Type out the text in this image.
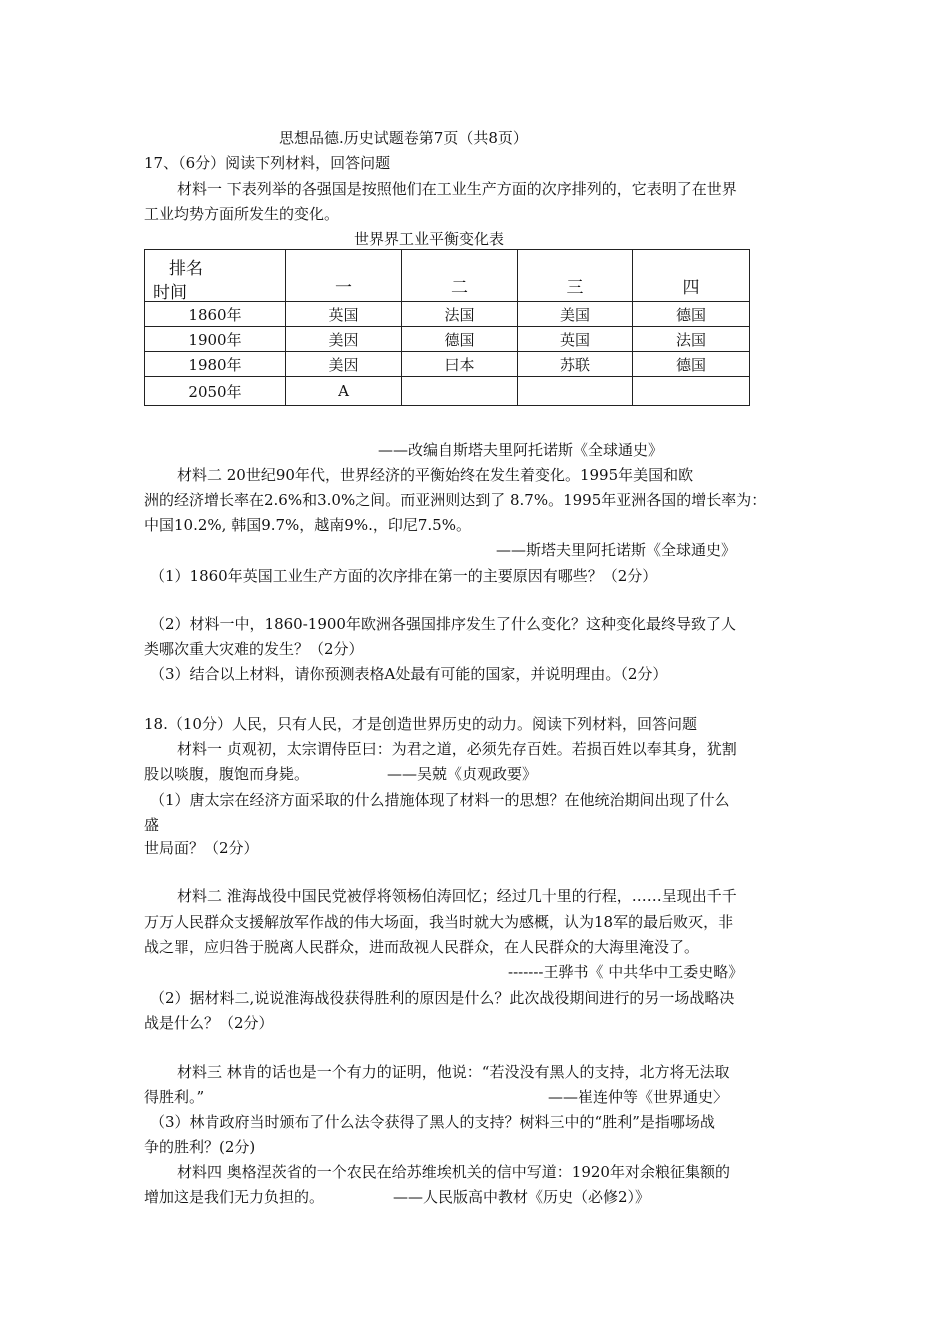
思想品德.历史试题卷第7页（共8页）
17、（6分）阅读下列材料，回答问题
材料一 下表列举的各强国是按照他们在工业生产方面的次序排列的，它表明了在世界
工业均势方面所发生的变化。
世界界工业平衡变化表
排名
时间	一	二	三	四
1860年	英国	法国	美国	德国
1900年	美因	德国	英国	法国
1980年	美因	曰本	苏联	德国
2050年	A			
——改编自斯塔夫里阿托诺斯《全球通史》
材料二 20世纪90年代，世界经济的平衡始终在发生着变化。1995年美国和欧
洲的经济增长率在2.6%和3.0%之间。而亚洲则达到了 8.7%。1995年亚洲各国的增长率为：
中国10.2%, 韩国9.7%，越南9%.，印尼7.5%。
——斯塔夫里阿托诺斯《全球通史》
（1）1860年英国工业生产方面的次序排在第一的主要原因有哪些？（2分）
（2）材料一中，1860-1900年欧洲各强国排序发生了什么变化？这种变化最终导致了人
类哪次重大灾难的发生？（2分）
（3）结合以上材料，请你预测表格A处最有可能的国家，并说明理由。（2分）
18.（10分）人民，只有人民，才是创造世界历史的动力。阅读下列材料，回答问题
材料一 贞观初，太宗谓侍臣曰：为君之道，必须先存百姓。若损百姓以奉其身，犹割
股以啖腹，腹饱而身毙。	——吴兢《贞观政要》
（1）唐太宗在经济方面采取的什么措施体现了材料一的思想？在他统治期间出现了什么
盛
世局面？（2分）
材料二 淮海战役中国民党被俘将领杨伯涛回忆；经过几十里的行程，……呈现出千千
万万人民群众支援解放军作战的伟大场面，我当时就大为感概，认为18军的最后败灭，非
战之罪，应归咎于脱离人民群众，进而敌视人民群众，在人民群众的大海里淹没了。
-------王骅书《 中共华中工委史略》
（2）据材料二,说说淮海战役获得胜利的原因是什么？此次战役期间进行的另一场战略决
战是什么？（2分）
材料三 林肯的话也是一个有力的证明，他说：“若没没有黑人的支持，北方将无法取
得胜利。”	——崔连仲等《世界通史〉
（3）林肯政府当时颁布了什么法令获得了黑人的支持？树料三中的“胜利”是指哪场战
争的胜利？(2分)
材料四 奥格涅茨省的一个农民在给苏维埃机关的信中写道：1920年对余粮征集额的
增加这是我们无力负担的。	——人民版高中教材《历史（必修2）》
